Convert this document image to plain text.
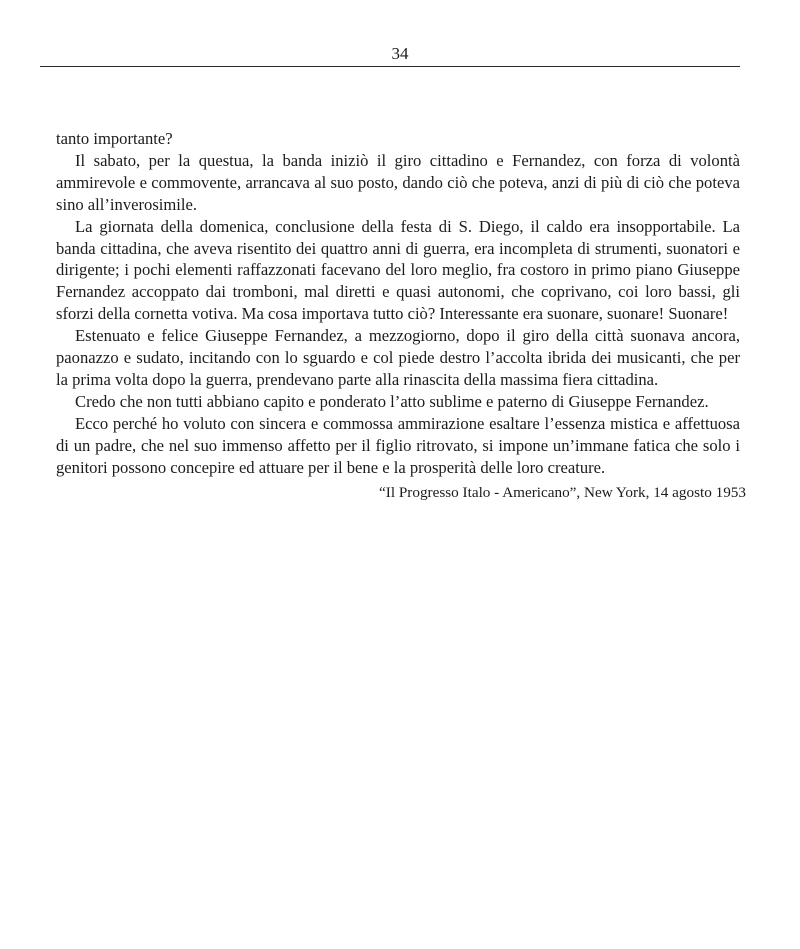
34

tanto importante?

Il sabato, per la questua, la banda iniziò il giro cittadino e Fernandez, con forza di volontà ammirevole e commovente, arrancava al suo posto, dando ciò che poteva, anzi di più di ciò che poteva sino all’inverosimile.

La giornata della domenica, conclusione della festa di S. Diego, il caldo era insopportabile. La banda cittadina, che aveva risentito dei quattro anni di guerra, era incompleta di strumenti, suonatori e dirigente; i pochi elementi raffazzonati facevano del loro meglio, fra costoro in primo piano Giuseppe Fernandez accoppato dai tromboni, mal diretti e quasi autonomi, che coprivano, coi loro bassi, gli sforzi della cornetta votiva. Ma cosa importava tutto ciò? Interessante era suonare, suonare! Suonare!

Estenuato e felice Giuseppe Fernandez, a mezzogiorno, dopo il giro della città suonava ancora, paonazzo e sudato, incitando con lo sguardo e col piede destro l’accolta ibrida dei musicanti, che per la prima volta dopo la guerra, prendevano parte alla rinascita della massima fiera cittadina.

Credo che non tutti abbiano capito e ponderato l’atto sublime e paterno di Giuseppe Fernandez.

Ecco perché ho voluto con sincera e commossa ammirazione esaltare l’essenza mistica e affettuosa di un padre, che nel suo immenso affetto per il figlio ritrovato, si impone un’immane fatica che solo i genitori possono concepire ed attuare per il bene e la prosperità delle loro creature.

“Il Progresso Italo - Americano”, New York, 14 agosto 1953
